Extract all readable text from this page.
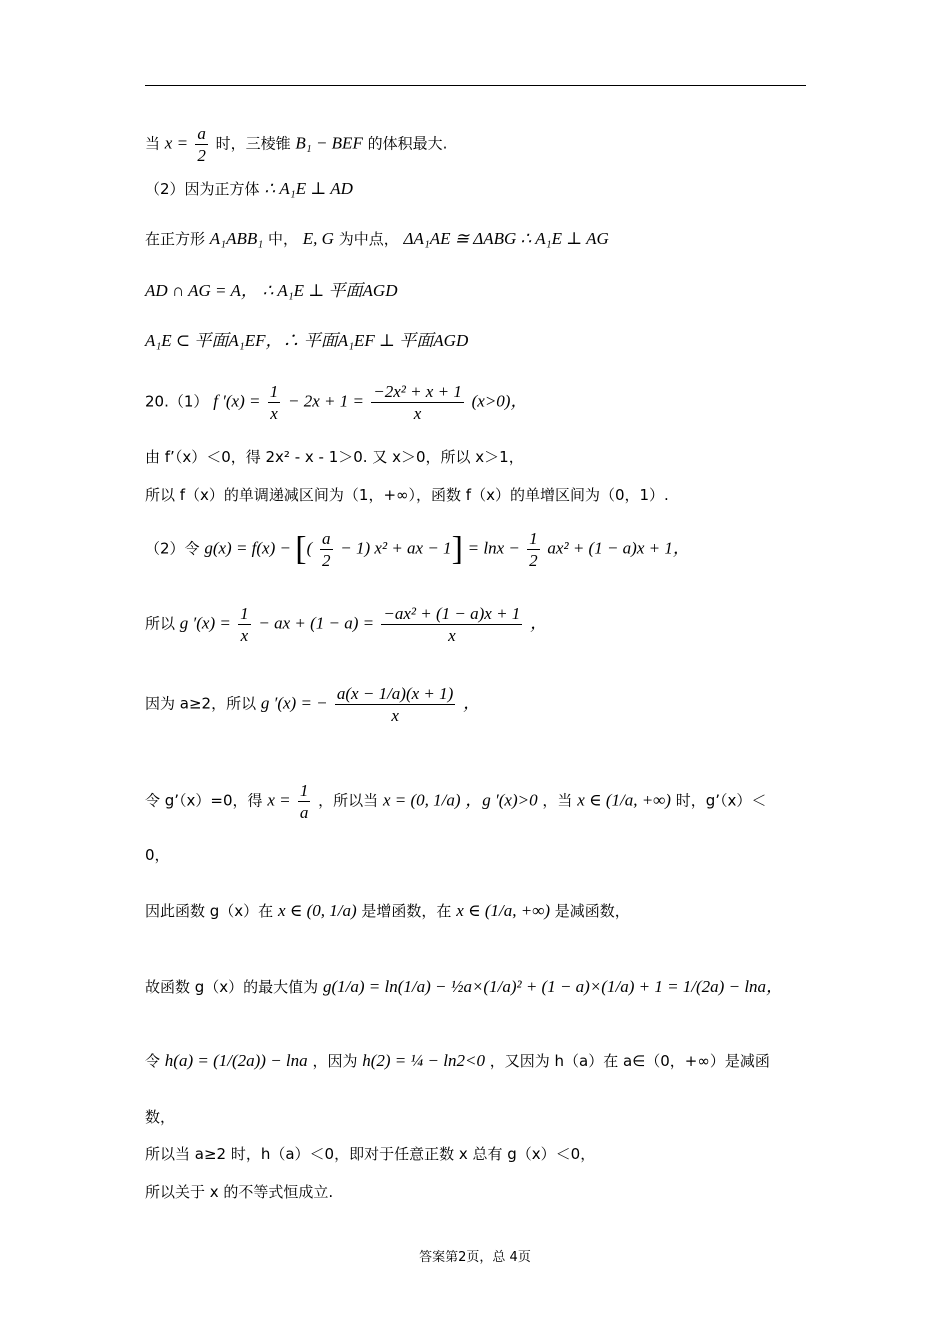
当 $x = \frac{a}{2}$ 时，三棱锥 B₁ − BEF 的体积最大.
（2）因为正方体 ∴ A₁E ⊥ AD
在正方形 A₁ABB₁ 中， E, G 为中点， ΔA₁AE ≅ ΔABG ∴ A₁E ⊥ AG
AD ∩ AG = A， ∴ A₁E ⊥ 平面AGD
A₁E ⊂ 平面A₁EF，∴ 平面A₁EF ⊥ 平面AGD
20.（1） f $'(x) = \frac{1}{x} - 2x + 1 = \frac{\text{−2x² + x + 1}}{x} (x>0)$，
由 f’（x）＜0，得 2x² - x - 1＞0. 又 x＞0，所以 x＞1，
所以 f（x）的单调递减区间为（1，+∞），函数 f（x）的单增区间为（0，1）.
（2）令 g(x) = f(x) − [( $\frac{a}{2} - 1$) x² + ax − $1] = \ln x - \frac{1}{2} ax^2 + (1 - a)x + 1$，
所以 g $'(x) = \frac{1}{x}$ − ax + $(1 - a) = \frac{\text{−ax² + (1 − a)x + 1}}{x}$ ，
因为 a≥2，所以 g ′(x) = − $\frac{a(x - 1/a)(x + 1)}{x}$ ，
令 g’（x）=0，得 $x = \frac{1}{a}$ ，所以当 x = (0, 1/a) ，g ′(x)>0 ，当 x ∈ (1/a, +∞) 时，g’（x）＜
0，
因此函数 g（x）在 x ∈ (0, 1/a) 是增函数，在 x ∈ (1/a, +∞) 是减函数，
故函数 g（x）的最大值为 g(1/a) = ln(1/a) − ½a×(1/a)² + (1 − a)×(1/a) + 1 = 1/(2a) − lna，
令 h(a) = (1/(2a)) − lna ，因为 h(2) = ¼ − ln2<0 ，又因为 h（a）在 a∈（0，+∞）是减函
数，
所以当 a≥2 时，h（a）＜0，即对于任意正数 x 总有 g（x）＜0，
所以关于 x 的不等式恒成立.
答案第2页，总 4页
